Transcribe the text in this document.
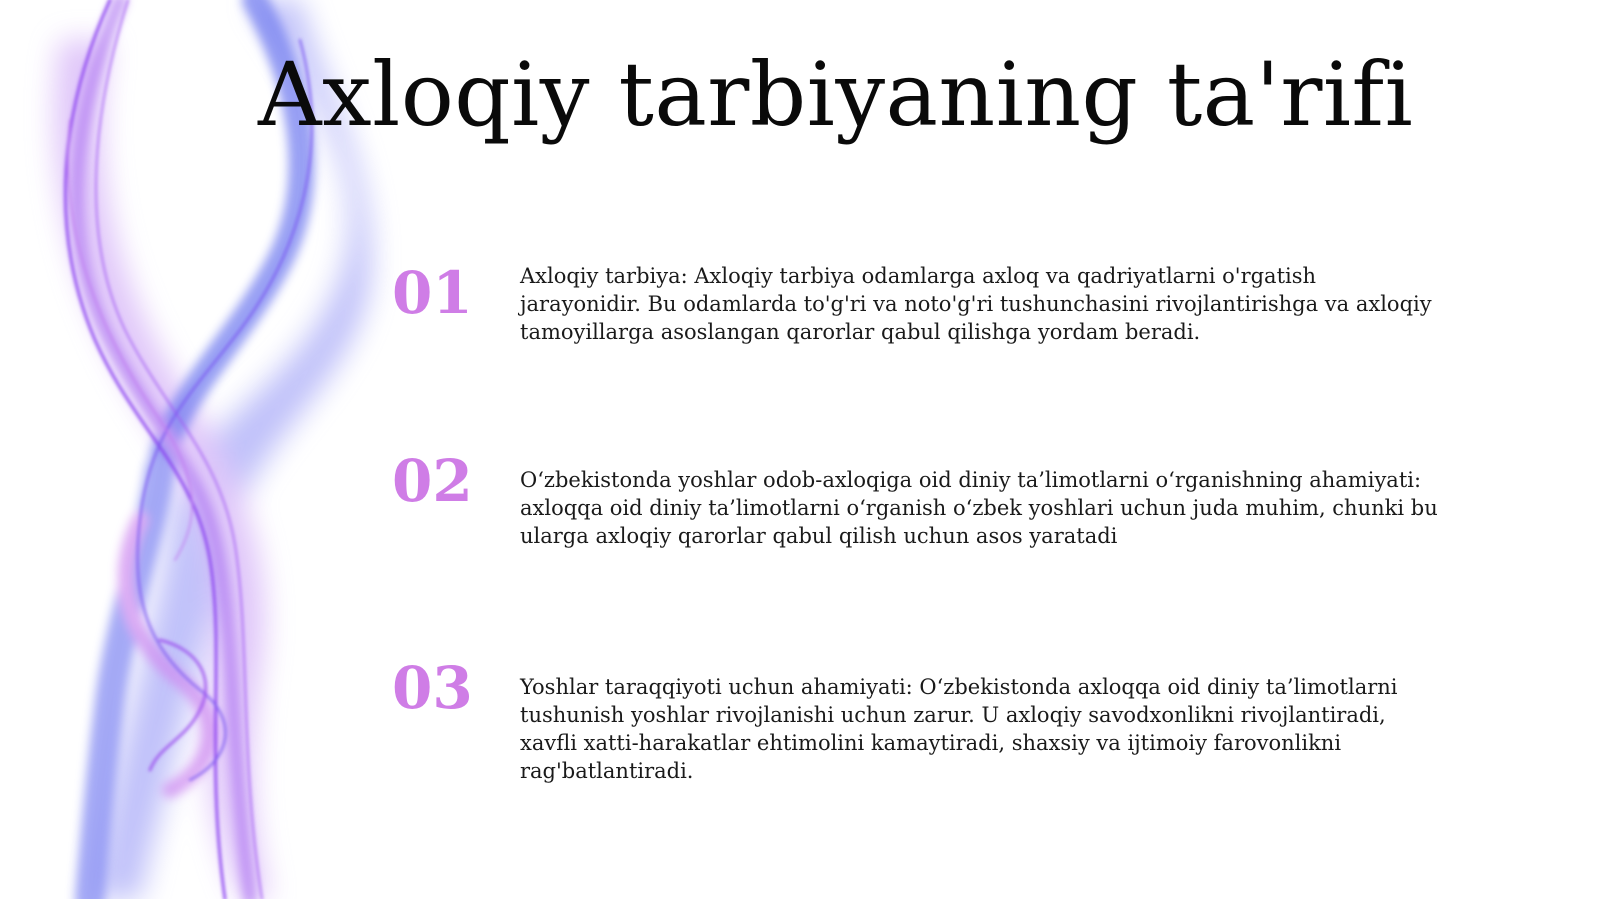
Axloqiy tarbiyaning ta'rifi
01 Axloqiy tarbiya: Axloqiy tarbiya odamlarga axloq va qadriyatlarni o'rgatish jarayonidir. Bu odamlarda to'g'ri va noto'g'ri tushunchasini rivojlantirishga va axloqiy tamoyillarga asoslangan qarorlar qabul qilishga yordam beradi.

02 O‘zbekistonda yoshlar odob-axloqiga oid diniy ta’limotlarni o‘rganishning ahamiyati: axloqqa oid diniy ta’limotlarni o‘rganish o‘zbek yoshlari uchun juda muhim, chunki bu ularga axloqiy qarorlar qabul qilish uchun asos yaratadi

03 Yoshlar taraqqiyoti uchun ahamiyati: O‘zbekistonda axloqqa oid diniy ta’limotlarni tushunish yoshlar rivojlanishi uchun zarur. U axloqiy savodxonlikni rivojlantiradi, xavfli xatti-harakatlar ehtimolini kamaytiradi, shaxsiy va ijtimoiy farovonlikni rag'batlantiradi.
